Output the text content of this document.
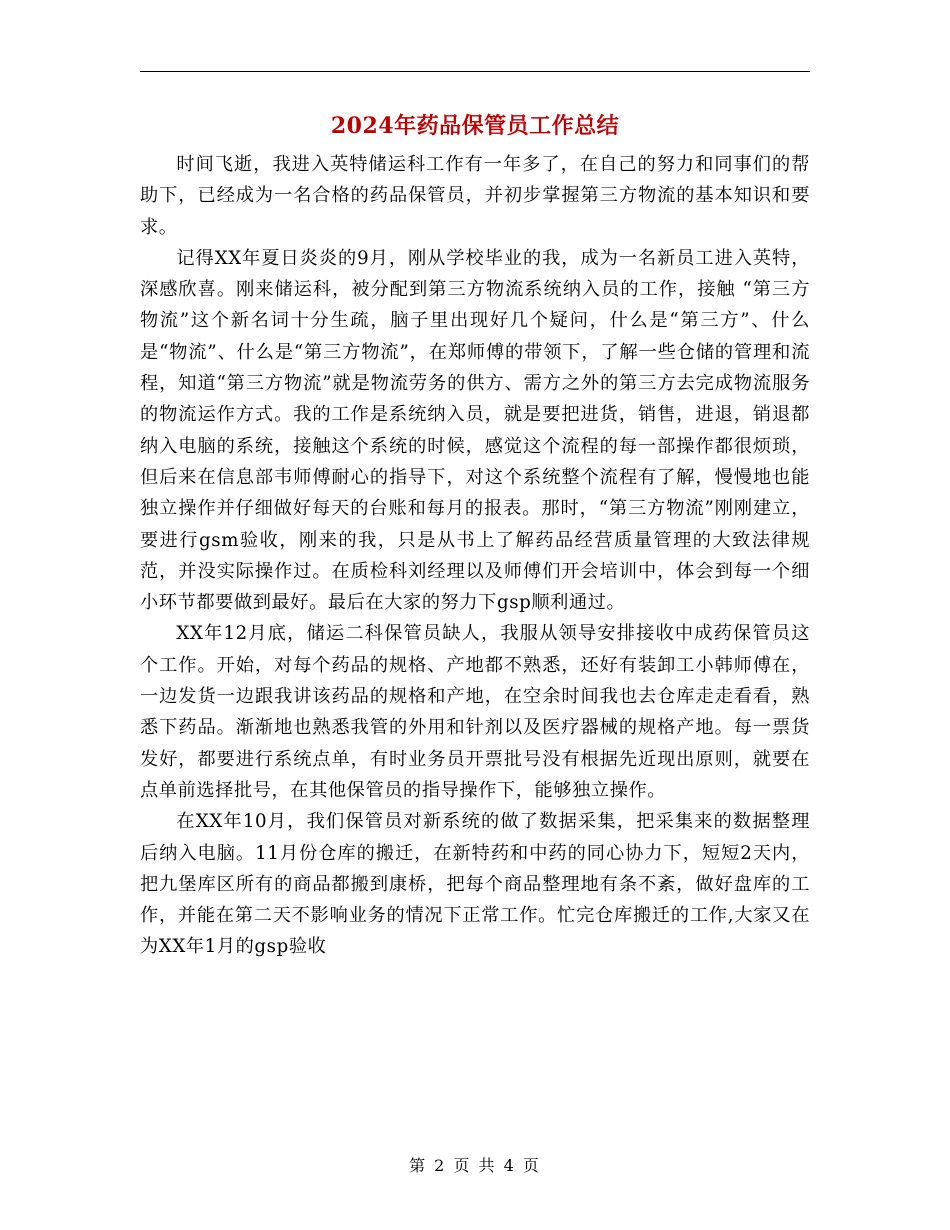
2024年药品保管员工作总结

时间飞逝，我进入英特储运科工作有一年多了，在自己的努力和同事们的帮助下，已经成为一名合格的药品保管员，并初步掌握第三方物流的基本知识和要求。

记得XX年夏日炎炎的9月，刚从学校毕业的我，成为一名新员工进入英特，深感欣喜。刚来储运科，被分配到第三方物流系统纳入员的工作，接触 “第三方物流”这个新名词十分生疏，脑子里出现好几个疑问，什么是“第三方”、什么是“物流”、什么是“第三方物流”，在郑师傅的带领下，了解一些仓储的管理和流程，知道“第三方物流”就是物流劳务的供方、需方之外的第三方去完成物流服务的物流运作方式。我的工作是系统纳入员，就是要把进货，销售，进退，销退都纳入电脑的系统，接触这个系统的时候，感觉这个流程的每一部操作都很烦琐，但后来在信息部韦师傅耐心的指导下，对这个系统整个流程有了解，慢慢地也能独立操作并仔细做好每天的台账和每月的报表。那时，“第三方物流”刚刚建立，要进行gsm验收，刚来的我，只是从书上了解药品经营质量管理的大致法律规范，并没实际操作过。在质检科刘经理以及师傅们开会培训中，体会到每一个细小环节都要做到最好。最后在大家的努力下gsp顺利通过。

XX年12月底，储运二科保管员缺人，我服从领导安排接收中成药保管员这个工作。开始，对每个药品的规格、产地都不熟悉，还好有装卸工小韩师傅在，一边发货一边跟我讲该药品的规格和产地，在空余时间我也去仓库走走看看，熟悉下药品。渐渐地也熟悉我管的外用和针剂以及医疗器械的规格产地。每一票货发好，都要进行系统点单，有时业务员开票批号没有根据先近现出原则，就要在点单前选择批号，在其他保管员的指导操作下，能够独立操作。

在XX年10月，我们保管员对新系统的做了数据采集，把采集来的数据整理后纳入电脑。11月份仓库的搬迁，在新特药和中药的同心协力下，短短2天内，把九堡库区所有的商品都搬到康桥，把每个商品整理地有条不紊，做好盘库的工作，并能在第二天不影响业务的情况下正常工作。忙完仓库搬迁的工作,大家又在为XX年1月的gsp验收

第 2 页 共 4 页
